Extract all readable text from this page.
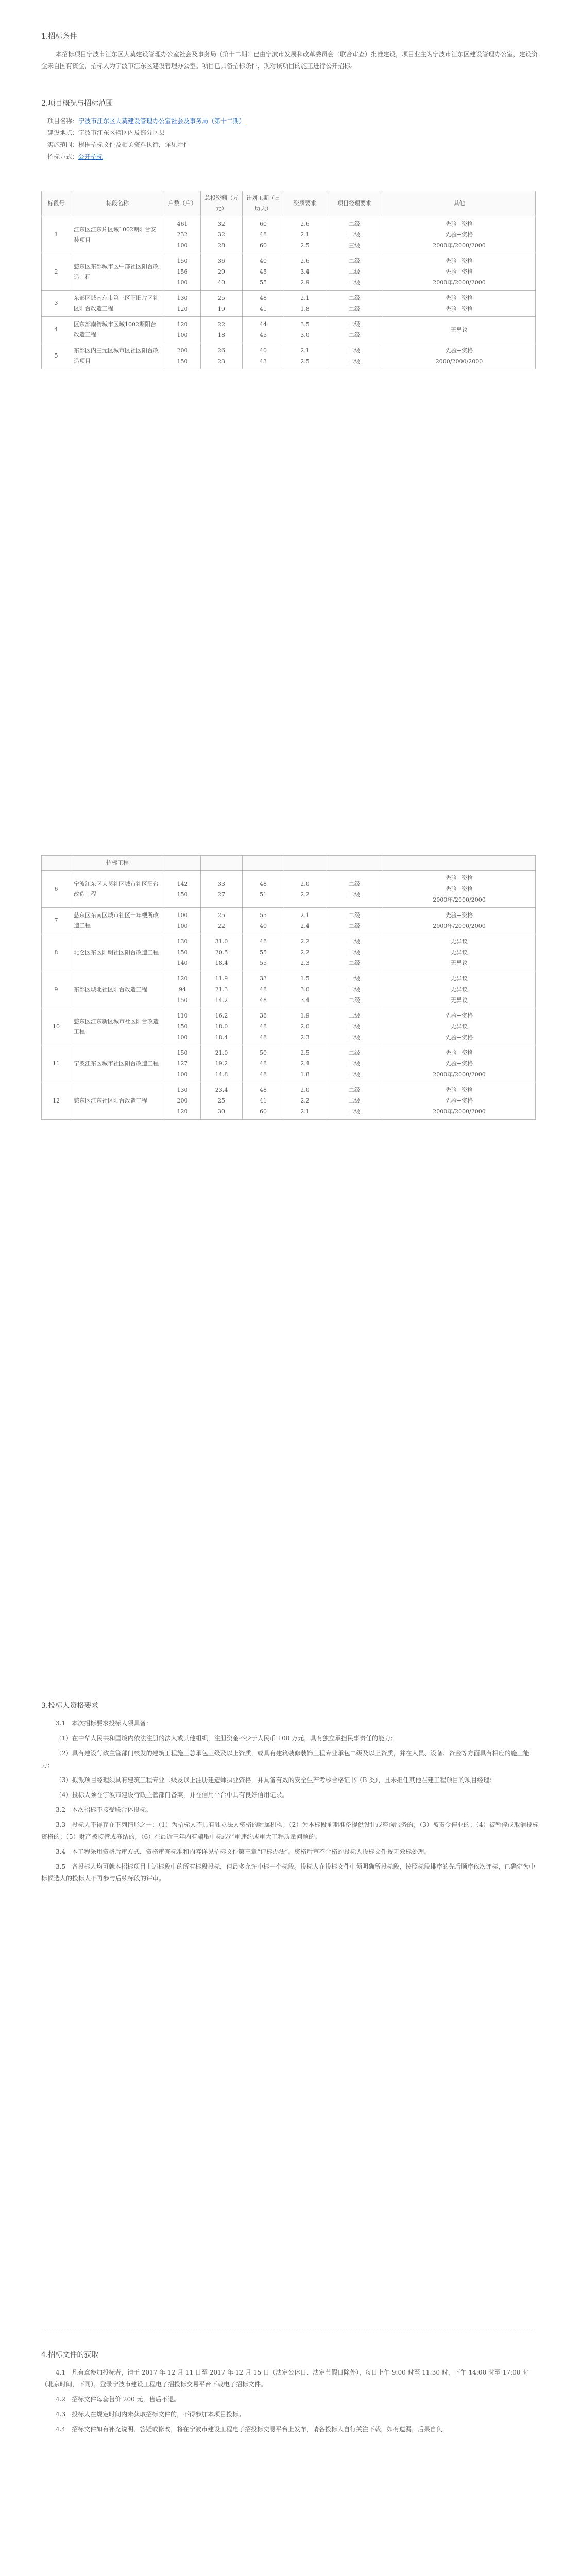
1.招标条件

本招标项目宁波市江东区大莫建设管理办公室社会及事务局（第十二期）已由宁波市发展和改革委员会（联合审查）批准建设，项目业主为宁波市江东区建设管理办公室，建设资金来自国有资金，招标人为宁波市江东区建设管理办公室。项目已具备招标条件，现对该项目的施工进行公开招标。

2.项目概况与招标范围

　项目名称：宁波市江东区大莫建设管理办公室社会及事务局（第十二期）

　建设地点：宁波市江东区辖区内及部分区县

　实施范围：根据招标文件及相关资料执行，详见附件

　招标方式：公开招标

标段号	标段名称	户数（户）	总投资额（万元）	计划工期（日历天）	资质要求	项目经理要求	其他
1	江东区江东片区域1002期阳台安装项目	461
232
100	32
32
28	60
48
60	2.6
2.1
2.5	二级
二级
三级	先验+资格
先验+资格
2000年/2000/2000

2	慈东区东部城市区中部社区阳台改造工程	150
156
100	36
29
40	40
45
55	2.6
3.4
2.9	二级
二级
二级	先验+资格
先验+资格
2000年/2000/2000

3	东部区域南东市第三区下旧片区社区阳台改造工程	130
120	25
19	48
41	2.1
1.8	二级
二级	先验+资格
先验+资格

4	区东部南街城市区域1002期阳台改造工程	120
100	22
18	44
45	3.5
3.0	二级
二级	无异议

5	东部区内三元区城市区社区阳台改造项目	200
150	26
23	40
43	2.1
2.5	二级
二级	先验+资格
2000/2000/2000
	招标工程						
6	宁波江东区大莫社区城市社区阳台改造工程	142
150	33
27	48
51	2.0
2.2	二级
二级	先验+资格
先验+资格
2000年/2000/2000

7	慈东区东南区城市社区十年梗所改造工程	100
100	25
22	55
40	2.1
2.4	二级
二级	先验+资格
2000年/2000/2000

8	北仑区东区阳明社区阳台改造工程	130
150
140	31.0
20.5
18.4	48
55
55	2.2
2.2
2.3	二级
二级
二级	无异议
无异议
无异议

9	东部区城北社区阳台改造工程	120
94
150	11.9
21.3
14.2	33
48
48	1.5
3.0
3.4	一级
二级
二级	无异议
无异议
无异议

10	慈东区江东新区城市社区阳台改造工程	110
150
100	16.2
18.0
18.4	38
48
48	1.9
2.0
2.3	二级
二级
二级	先验+资格
无异议
先验+资格

11	宁波江东区城市社区阳台改造工程	150
127
100	21.0
19.2
14.8	50
48
48	2.5
2.4
1.8	二级
二级
二级	先验+资格
先验+资格
2000年/2000/2000

12	慈东区江东社区阳台改造工程	130
200
120	23.4
25
30	48
41
60	2.0
2.2
2.1	二级
二级
二级	先验+资格
先验+资格
2000年/2000/2000

3.投标人资格要求

3.1　本次招标要求投标人须具备：

（1）在中华人民共和国境内依法注册的法人或其他组织，注册资金不少于人民币 100 万元，具有独立承担民事责任的能力；

（2）具有建设行政主管部门核发的建筑工程施工总承包三级及以上资质，或具有建筑装修装饰工程专业承包二级及以上资质，并在人员、设备、资金等方面具有相应的施工能力；

（3）拟派项目经理须具有建筑工程专业二级及以上注册建造师执业资格，并具备有效的安全生产考核合格证书（B 类），且未担任其他在建工程项目的项目经理；

（4）投标人须在宁波市建设行政主管部门备案，并在信用平台中具有良好信用记录。

3.2　本次招标不接受联合体投标。

3.3　投标人不得存在下列情形之一：（1）为招标人不具有独立法人资格的附属机构；（2）为本标段前期准备提供设计或咨询服务的；（3）被责令停业的；（4）被暂停或取消投标资格的；（5）财产被接管或冻结的；（6）在最近三年内有骗取中标或严重违约或重大工程质量问题的。

3.4　本工程采用资格后审方式，资格审查标准和内容详见招标文件第三章“评标办法”。资格后审不合格的投标人投标文件按无效标处理。

3.5　各投标人均可就本招标项目上述标段中的所有标段投标，但最多允许中标一个标段。投标人在投标文件中须明确所投标段，按照标段排序的先后顺序依次评标，已确定为中标候选人的投标人不再参与后续标段的评审。

4.招标文件的获取

4.1　凡有意参加投标者，请于 2017 年 12 月 11 日至 2017 年 12 月 15 日（法定公休日、法定节假日除外），每日上午 9:00 时至 11:30 时，下午 14:00 时至 17:00 时（北京时间，下同），登录宁波市建设工程电子招投标交易平台下载电子招标文件。

4.2　招标文件每套售价 200 元，售后不退。

4.3　投标人在规定时间内未获取招标文件的，不得参加本项目投标。

4.4　招标文件如有补充说明、答疑或修改，将在宁波市建设工程电子招投标交易平台上发布，请各投标人自行关注下载，如有遗漏，后果自负。
